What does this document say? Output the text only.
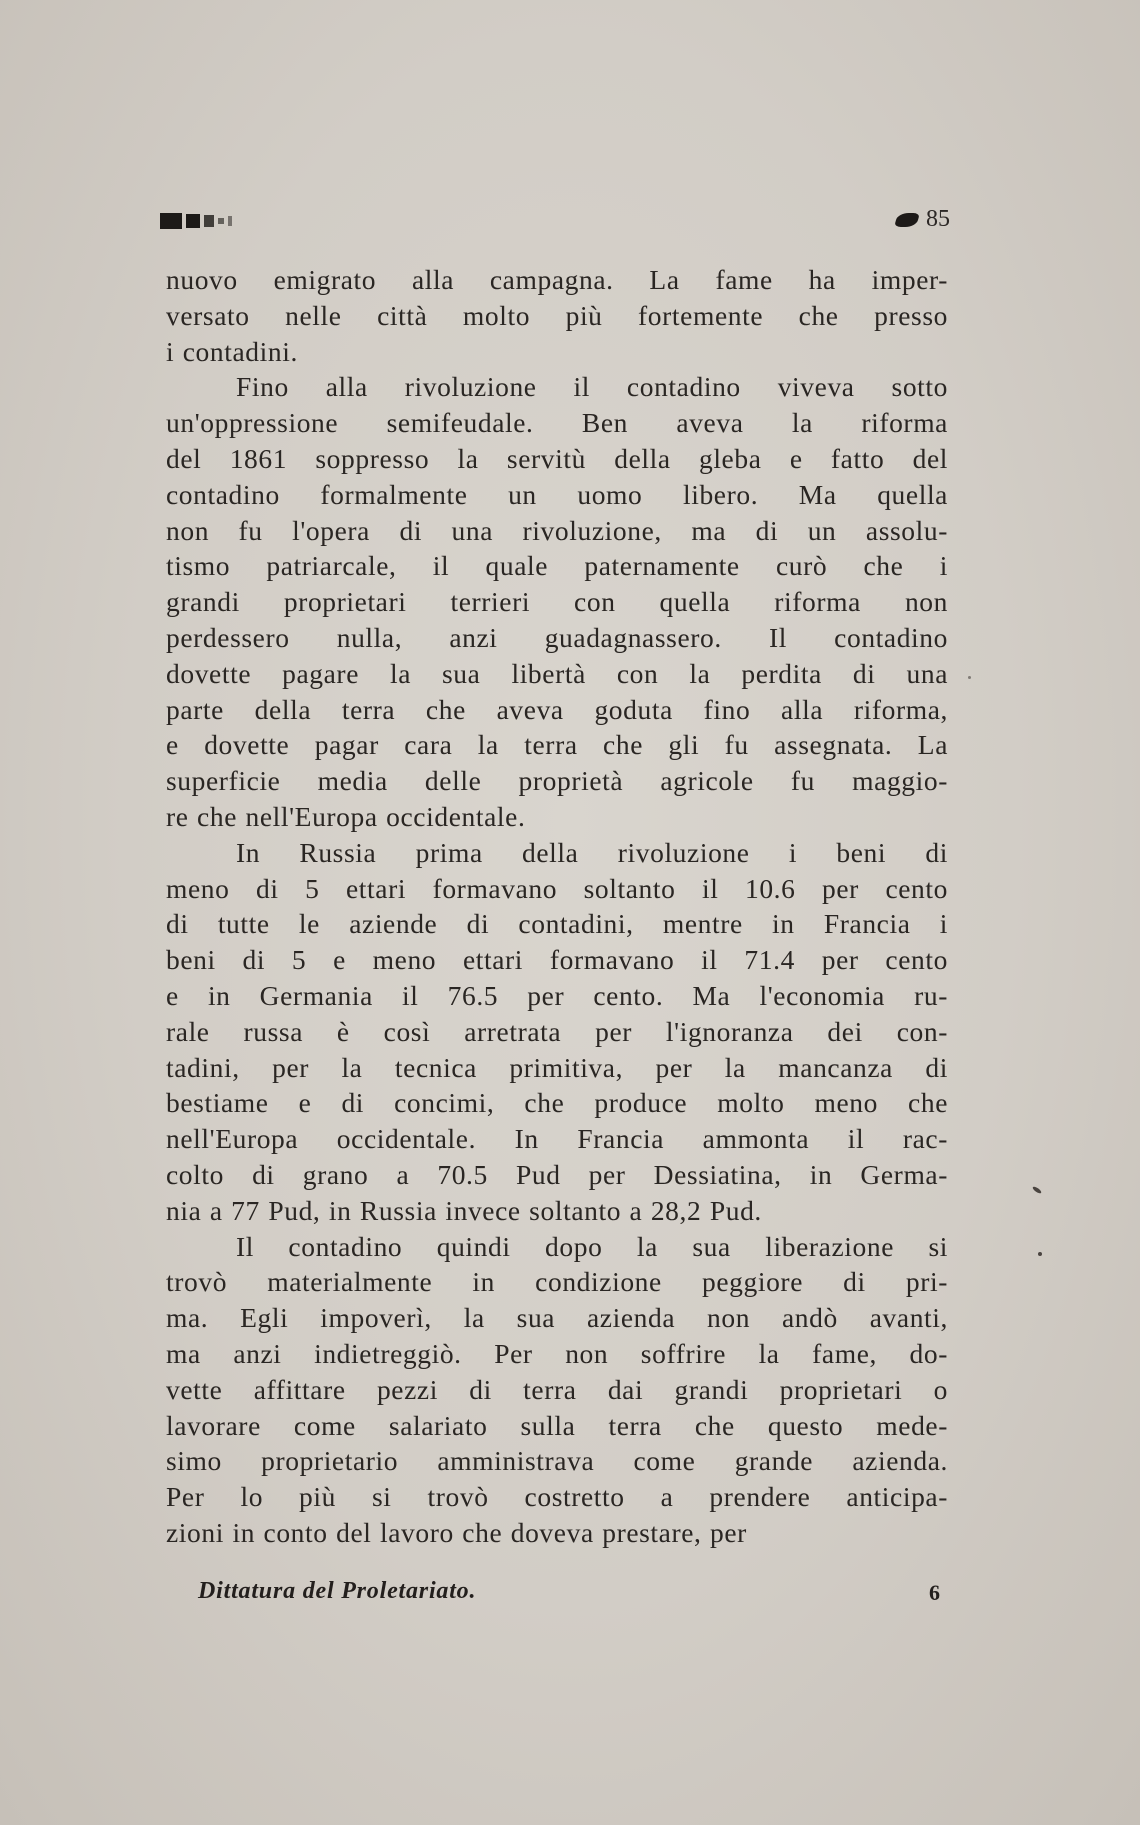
85
nuovo emigrato alla campagna. La fame ha imper-
versato nelle città molto più fortemente che presso
i contadini.
Fino alla rivoluzione il contadino viveva sotto
un'oppressione semifeudale. Ben aveva la riforma
del 1861 soppresso la servitù della gleba e fatto del
contadino formalmente un uomo libero. Ma quella
non fu l'opera di una rivoluzione, ma di un assolu-
tismo patriarcale, il quale paternamente curò che i
grandi proprietari terrieri con quella riforma non
perdessero nulla, anzi guadagnassero. Il contadino
dovette pagare la sua libertà con la perdita di una
parte della terra che aveva goduta fino alla riforma,
e dovette pagar cara la terra che gli fu assegnata. La
superficie media delle proprietà agricole fu maggio-
re che nell'Europa occidentale.
In Russia prima della rivoluzione i beni di
meno di 5 ettari formavano soltanto il 10.6 per cento
di tutte le aziende di contadini, mentre in Francia i
beni di 5 e meno ettari formavano il 71.4 per cento
e in Germania il 76.5 per cento. Ma l'economia ru-
rale russa è così arretrata per l'ignoranza dei con-
tadini, per la tecnica primitiva, per la mancanza di
bestiame e di concimi, che produce molto meno che
nell'Europa occidentale. In Francia ammonta il rac-
colto di grano a 70.5 Pud per Dessiatina, in Germa-
nia a 77 Pud, in Russia invece soltanto a 28,2 Pud.
Il contadino quindi dopo la sua liberazione si
trovò materialmente in condizione peggiore di pri-
ma. Egli impoverì, la sua azienda non andò avanti,
ma anzi indietreggiò. Per non soffrire la fame, do-
vette affittare pezzi di terra dai grandi proprietari o
lavorare come salariato sulla terra che questo mede-
simo proprietario amministrava come grande azienda.
Per lo più si trovò costretto a prendere anticipa-
zioni in conto del lavoro che doveva prestare, per
Dittatura del Proletariato.	6
